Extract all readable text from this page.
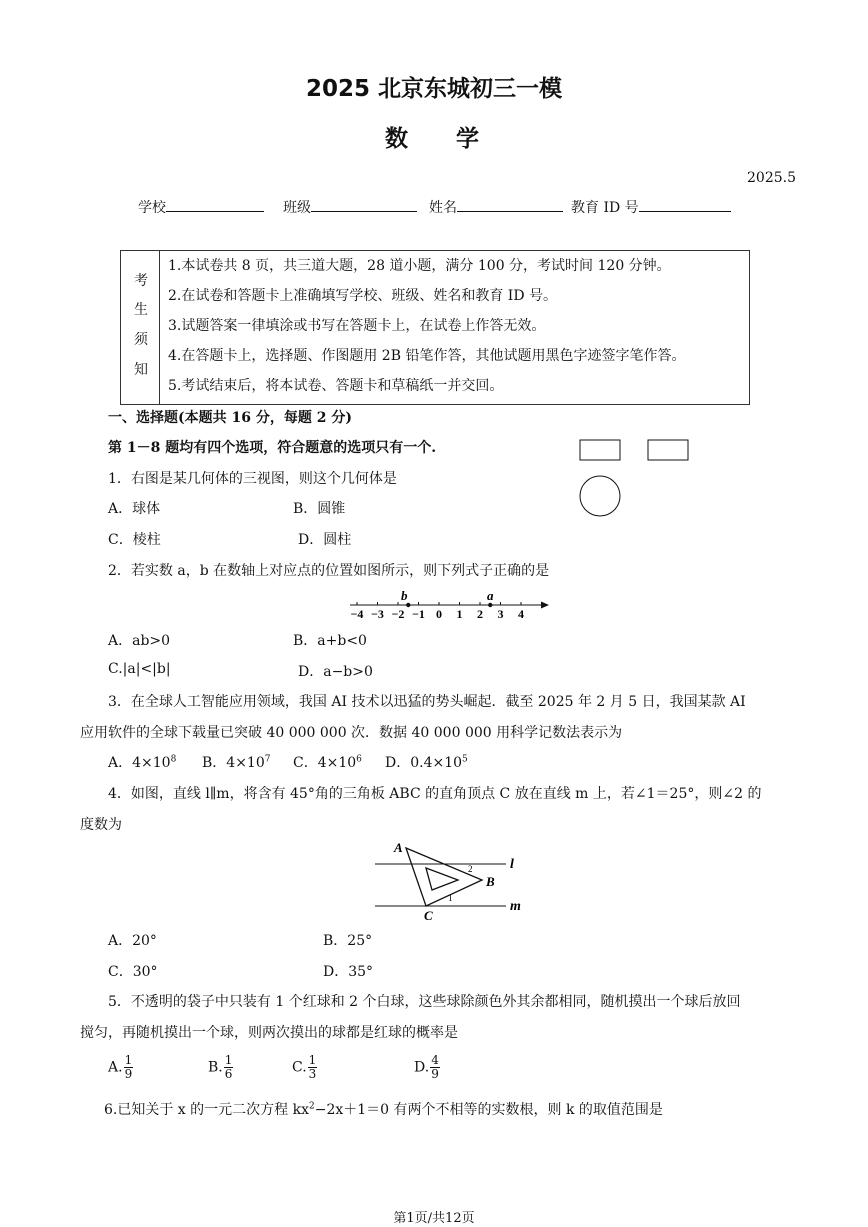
2025 北京东城初三一模
数学
2025.5
学校	班级	姓名	教育 ID 号
考
生
须
知
1.本试卷共 8 页，共三道大题，28 道小题，满分 100 分，考试时间 120 分钟。
2.在试卷和答题卡上准确填写学校、班级、姓名和教育 ID 号。
3.试题答案一律填涂或书写在答题卡上，在试卷上作答无效。
4.在答题卡上，选择题、作图题用 2B 铅笔作答，其他试题用黑色字迹签字笔作答。
5.考试结束后，将本试卷、答题卡和草稿纸一并交回。
一、选择题(本题共 16 分，每题 2 分)
第 1－8 题均有四个选项，符合题意的选项只有一个.
1．右图是某几何体的三视图，则这个几何体是
A．球体	B．圆锥
C．棱柱	D．圆柱
2．若实数 a，b 在数轴上对应点的位置如图所示，则下列式子正确的是
−4 −3 −2 −1 0 1 2 3 4
b	a
A．ab>0	B．a+b<0
C.|a|<|b|	D．a−b>0
3．在全球人工智能应用领域，我国 AI 技术以迅猛的势头崛起．截至 2025 年 2 月 5 日，我国某款 AI
应用软件的全球下载量已突破 40 000 000 次．数据 40 000 000 用科学记数法表示为
A．$4\times 10^8$ B．$4\times 10^7$ C．$4\times 10^6$ D．$0.4\times 10^5$
4．如图，直线 l∥m，将含有 45°角的三角板 ABC 的直角顶点 C 放在直线 m 上，若∠1＝25°，则∠2 的
度数为
A
B
C
l
m
1
2
A．20°	B．25°
C．30°	D．35°
5．不透明的袋子中只装有 1 个红球和 2 个白球，这些球除颜色外其余都相同，随机摸出一个球后放回
搅匀，再随机摸出一个球，则两次摸出的球都是红球的概率是
A. $\frac{1}{9}$	B. $\frac{1}{6}$	C. $\frac{1}{3}$	D. $\frac{4}{9}$
6.已知关于 x 的一元二次方程 $kx^2-2x+1=0$ 有两个不相等的实数根，则 k 的取值范围是
第1页/共12页
